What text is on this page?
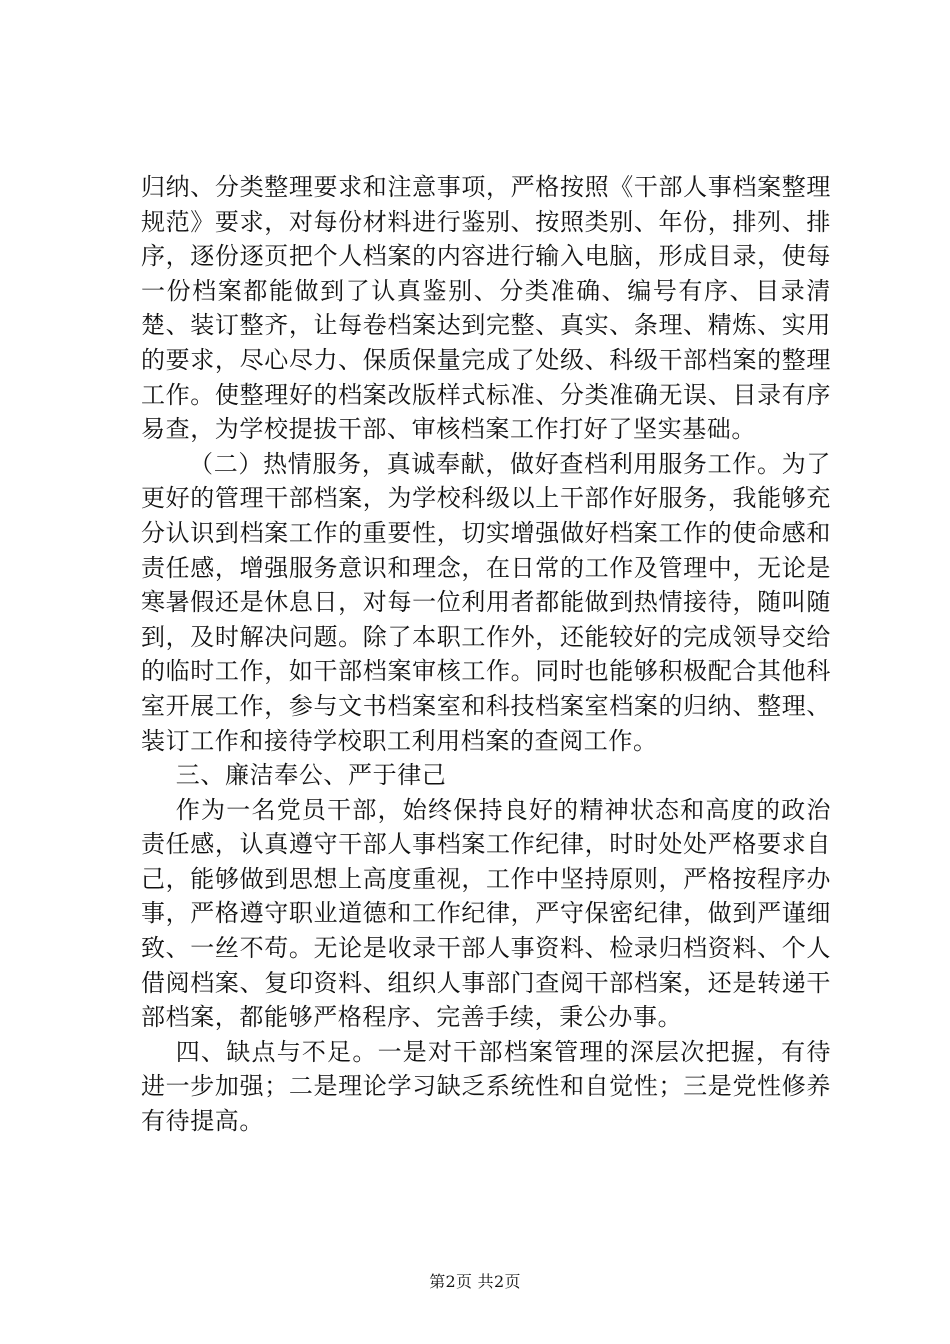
归纳、分类整理要求和注意事项，严格按照《干部人事档案整理规范》要求，对每份材料进行鉴别、按照类别、年份，排列、排序，逐份逐页把个人档案的内容进行输入电脑，形成目录，使每一份档案都能做到了认真鉴别、分类准确、编号有序、目录清楚、装订整齐，让每卷档案达到完整、真实、条理、精炼、实用的要求，尽心尽力、保质保量完成了处级、科级干部档案的整理工作。使整理好的档案改版样式标准、分类准确无误、目录有序易查，为学校提拔干部、审核档案工作打好了坚实基础。

（二）热情服务，真诚奉献，做好查档利用服务工作。为了更好的管理干部档案，为学校科级以上干部作好服务，我能够充分认识到档案工作的重要性，切实增强做好档案工作的使命感和责任感，增强服务意识和理念，在日常的工作及管理中，无论是寒暑假还是休息日，对每一位利用者都能做到热情接待，随叫随到，及时解决问题。除了本职工作外，还能较好的完成领导交给的临时工作，如干部档案审核工作。同时也能够积极配合其他科室开展工作，参与文书档案室和科技档案室档案的归纳、整理、装订工作和接待学校职工利用档案的查阅工作。

三、廉洁奉公、严于律己

作为一名党员干部，始终保持良好的精神状态和高度的政治责任感，认真遵守干部人事档案工作纪律，时时处处严格要求自己，能够做到思想上高度重视，工作中坚持原则，严格按程序办事，严格遵守职业道德和工作纪律，严守保密纪律，做到严谨细致、一丝不苟。无论是收录干部人事资料、检录归档资料、个人借阅档案、复印资料、组织人事部门查阅干部档案，还是转递干部档案，都能够严格程序、完善手续，秉公办事。

四、缺点与不足。一是对干部档案管理的深层次把握，有待进一步加强；二是理论学习缺乏系统性和自觉性；三是党性修养有待提高。

第2页 共2页
